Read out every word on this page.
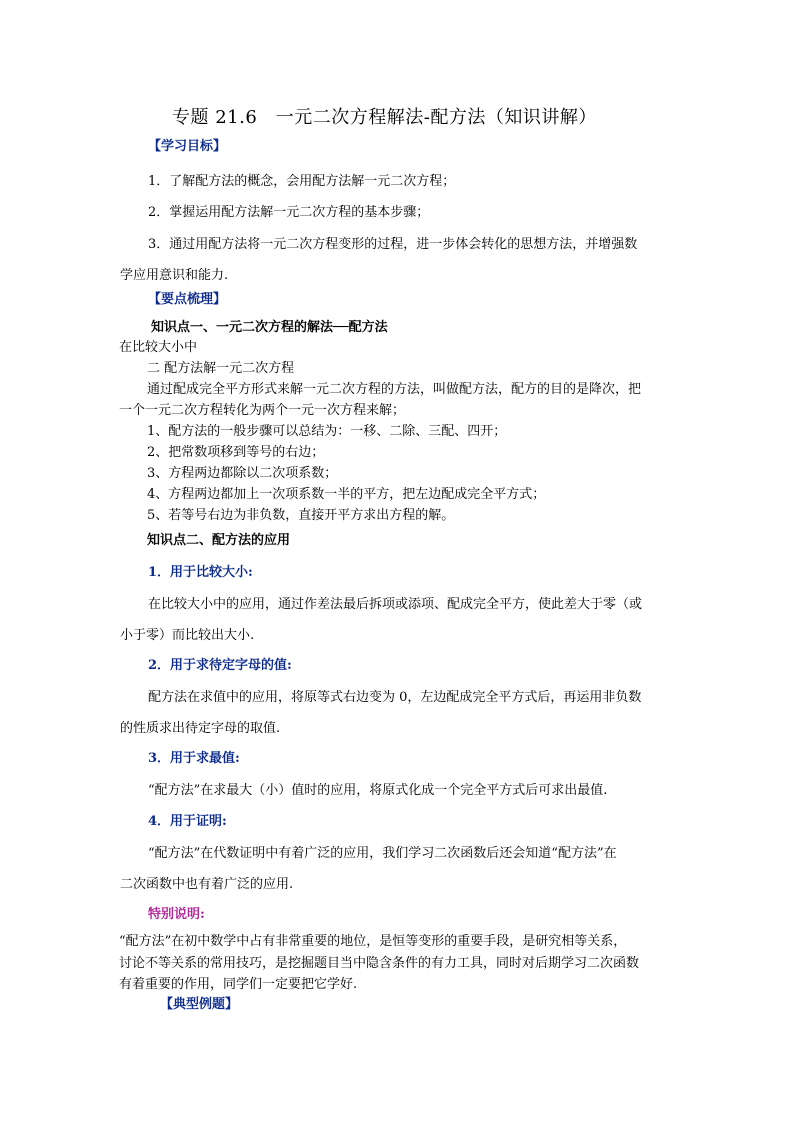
专题 21.6　一元二次方程解法-配方法（知识讲解）
【学习目标】
1．了解配方法的概念，会用配方法解一元二次方程；
2．掌握运用配方法解一元二次方程的基本步骤；
3．通过用配方法将一元二次方程变形的过程，进一步体会转化的思想方法，并增强数
学应用意识和能力.
【要点梳理】
知识点一、一元二次方程的解法──配方法
在比较大小中
二 配方法解一元二次方程
通过配成完全平方形式来解一元二次方程的方法，叫做配方法，配方的目的是降次，把
一个一元二次方程转化为两个一元一次方程来解；
1、配方法的一般步骤可以总结为：一移、二除、三配、四开；
2、把常数项移到等号的右边；
3、方程两边都除以二次项系数；
4、方程两边都加上一次项系数一半的平方，把左边配成完全平方式；
5、若等号右边为非负数，直接开平方求出方程的解。
知识点二、配方法的应用
1．用于比较大小:
在比较大小中的应用，通过作差法最后拆项或添项、配成完全平方，使此差大于零（或
小于零）而比较出大小.
2．用于求待定字母的值:
配方法在求值中的应用，将原等式右边变为 0，左边配成完全平方式后，再运用非负数
的性质求出待定字母的取值.
3．用于求最值:
“配方法”在求最大（小）值时的应用，将原式化成一个完全平方式后可求出最值.
4．用于证明:
“配方法”在代数证明中有着广泛的应用，我们学习二次函数后还会知道“配方法”在
二次函数中也有着广泛的应用.
特别说明:
“配方法”在初中数学中占有非常重要的地位，是恒等变形的重要手段，是研究相等关系，
讨论不等关系的常用技巧，是挖掘题目当中隐含条件的有力工具，同时对后期学习二次函数
有着重要的作用，同学们一定要把它学好.
【典型例题】
